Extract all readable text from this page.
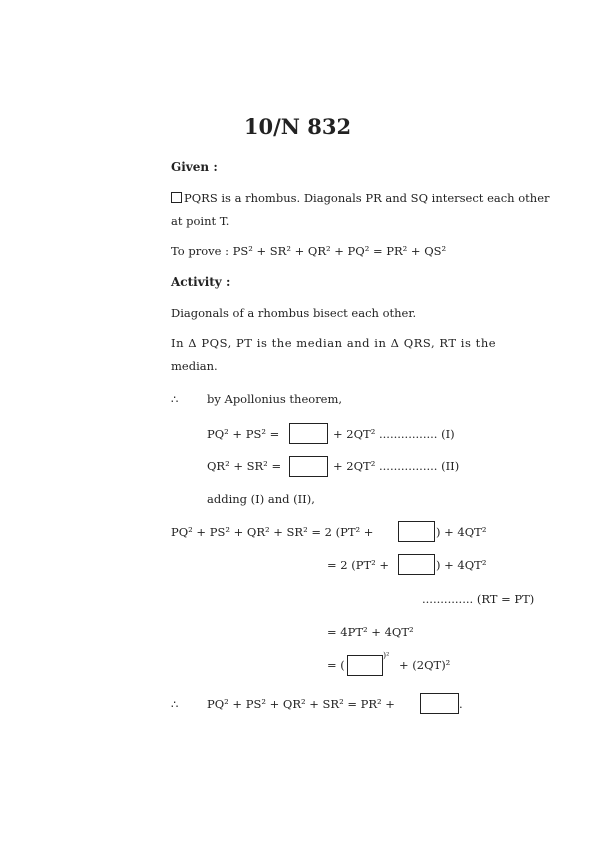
10/N 832
Given :
PQRS is a rhombus. Diagonals PR and SQ intersect each other
at point T.
To prove : PS² + SR² + QR² + PQ² = PR² + QS²
Activity :
Diagonals of a rhombus bisect each other.
In Δ PQS, PT is the median and in Δ QRS, RT is the
median.
∴ by Apollonius theorem,
PQ² + PS² =	+ 2QT² ................ (I)
QR² + SR² =	+ 2QT² ................ (II)
adding (I) and (II),
PQ² + PS² + QR² + SR² = 2 (PT² +	) + 4QT²
= 2 (PT² +	) + 4QT²
.............. (RT = PT)
= 4PT² + 4QT²
= (
)²
+ (2QT)²
∴ PQ² + PS² + QR² + SR² = PR² +	.
